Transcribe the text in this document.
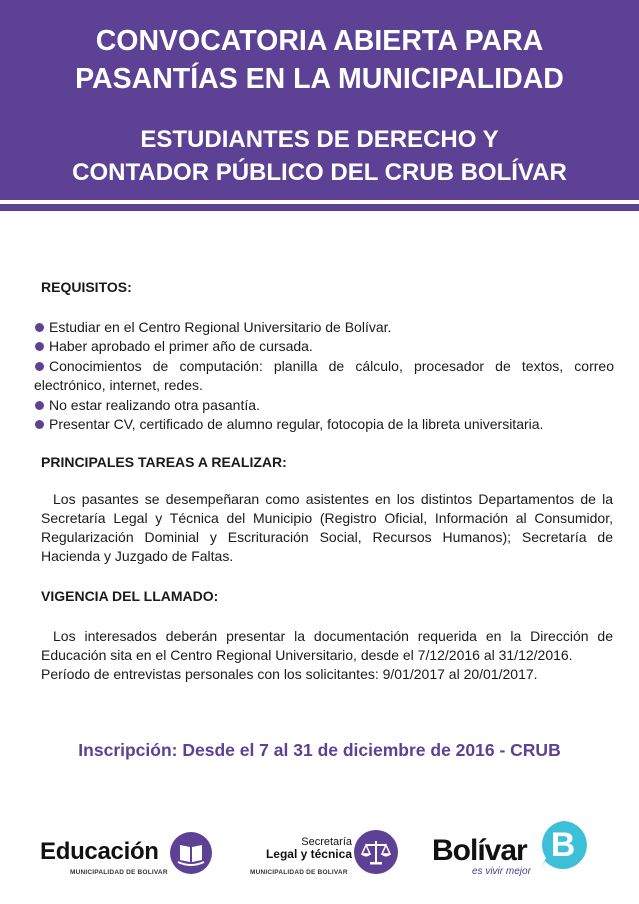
CONVOCATORIA ABIERTA PARA
PASANTÍAS EN LA MUNICIPALIDAD
ESTUDIANTES DE DERECHO Y
CONTADOR PÚBLICO DEL CRUB BOLÍVAR
REQUISITOS:
Estudiar en el Centro Regional Universitario de Bolívar.
Haber aprobado el primer año de cursada.
Conocimientos de computación: planilla de cálculo, procesador de textos, correo electrónico, internet, redes.
No estar realizando otra pasantía.
Presentar CV, certificado de alumno regular, fotocopia de la libreta universitaria.
PRINCIPALES TAREAS A REALIZAR:
Los pasantes se desempeñaran como asistentes en los distintos Departamentos de la Secretaría Legal y Técnica del Municipio (Registro Oficial, Información al Consumidor, Regularización Dominial y Escrituración Social, Recursos Humanos); Secretaría de Hacienda y Juzgado de Faltas.
VIGENCIA DEL LLAMADO:
Los interesados deberán presentar la documentación requerida en la Dirección de Educación sita en el Centro Regional Universitario, desde el 7/12/2016 al 31/12/2016.
Período de entrevistas personales con los solicitantes: 9/01/2017 al 20/01/2017.
Inscripción: Desde el 7 al 31 de diciembre de 2016 - CRUB
Educación
MUNICIPALIDAD DE BOLIVAR
Secretaría
Legal y técnica
MUNICIPALIDAD DE BOLIVAR
Bolívar
es vivir mejor
B
